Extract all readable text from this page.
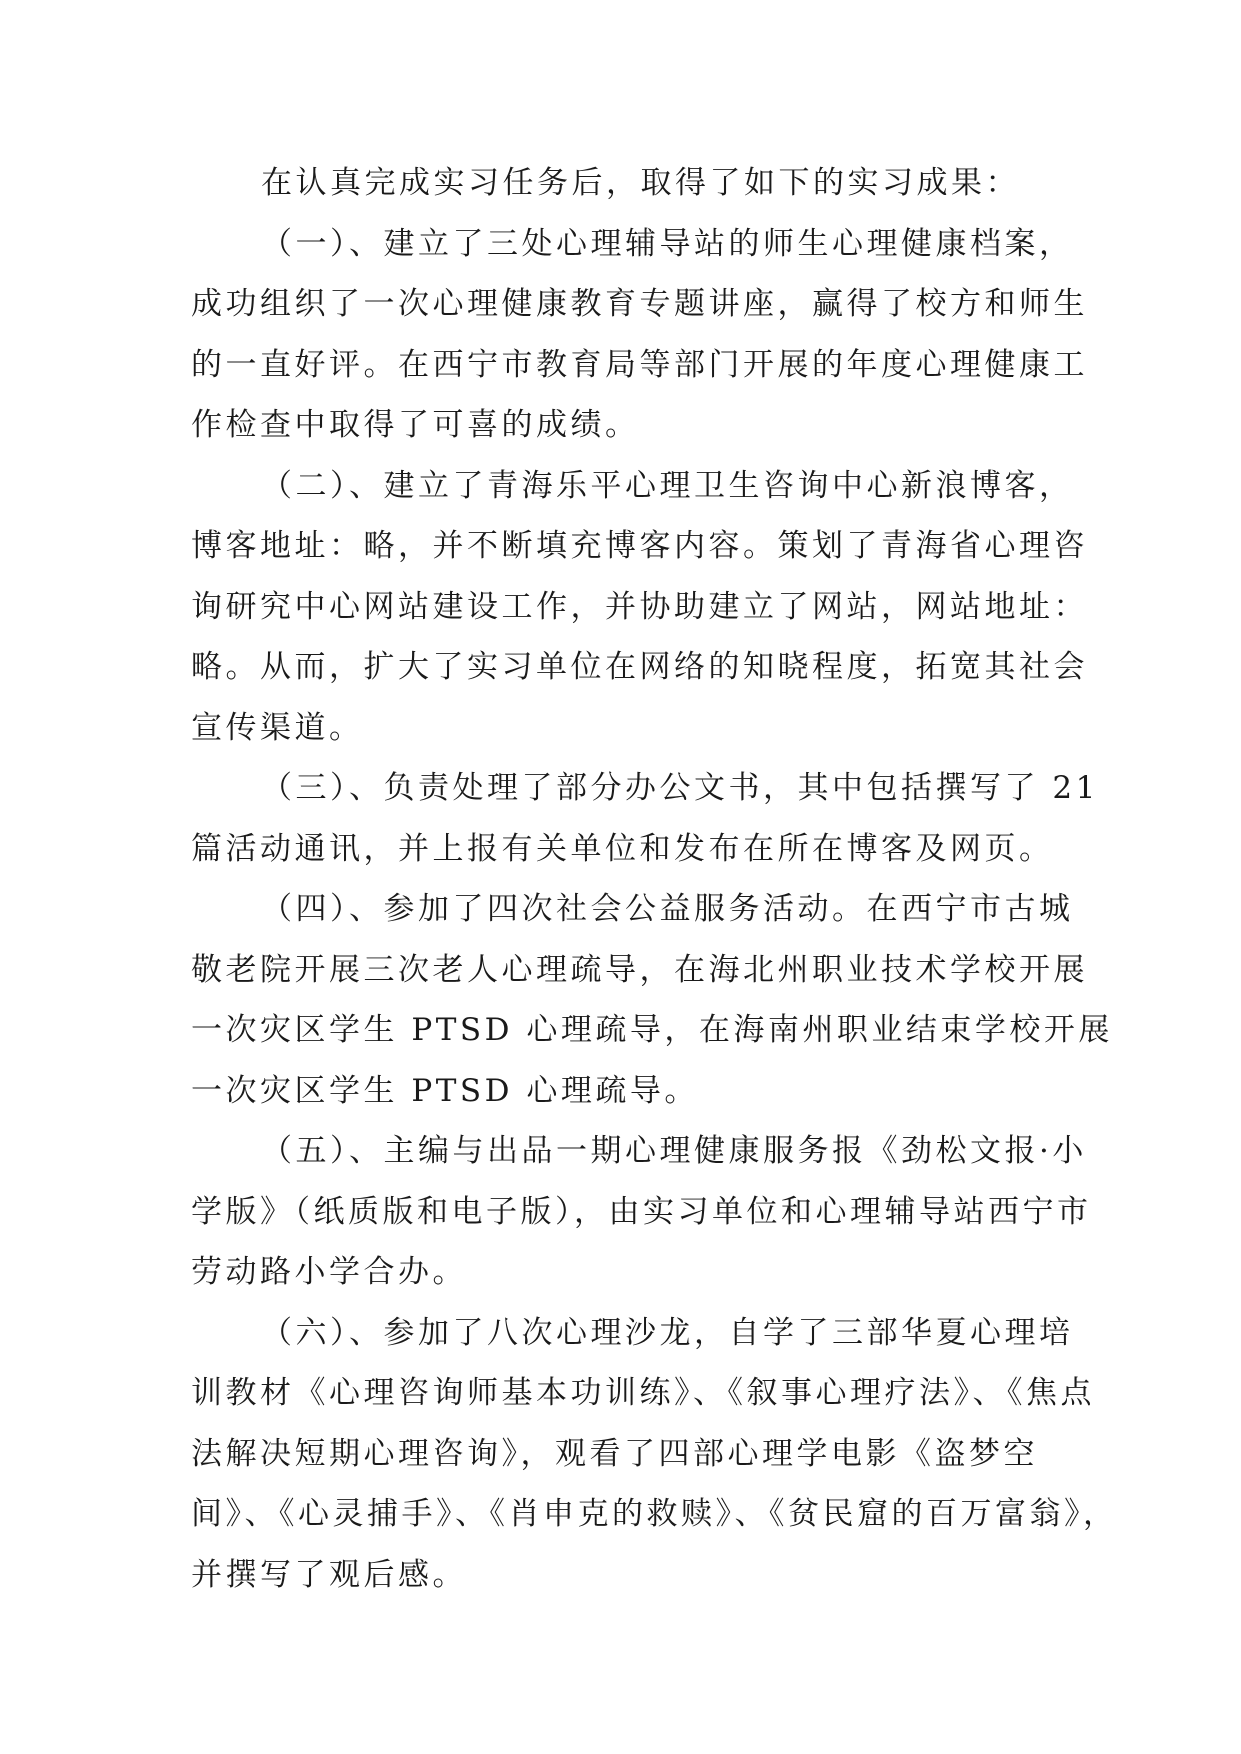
在认真完成实习任务后，取得了如下的实习成果：
（一）、建立了三处心理辅导站的师生心理健康档案，
成功组织了一次心理健康教育专题讲座，赢得了校方和师生
的一直好评。在西宁市教育局等部门开展的年度心理健康工
作检查中取得了可喜的成绩。
（二）、建立了青海乐平心理卫生咨询中心新浪博客，
博客地址：略，并不断填充博客内容。策划了青海省心理咨
询研究中心网站建设工作，并协助建立了网站，网站地址：
略。从而，扩大了实习单位在网络的知晓程度，拓宽其社会
宣传渠道。
（三）、负责处理了部分办公文书，其中包括撰写了 21
篇活动通讯，并上报有关单位和发布在所在博客及网页。
（四）、参加了四次社会公益服务活动。在西宁市古城
敬老院开展三次老人心理疏导，在海北州职业技术学校开展
一次灾区学生 PTSD 心理疏导，在海南州职业结束学校开展
一次灾区学生 PTSD 心理疏导。
（五）、主编与出品一期心理健康服务报《劲松文报·小
学版》（纸质版和电子版），由实习单位和心理辅导站西宁市
劳动路小学合办。
（六）、参加了八次心理沙龙，自学了三部华夏心理培
训教材《心理咨询师基本功训练》、《叙事心理疗法》、《焦点
法解决短期心理咨询》，观看了四部心理学电影《盗梦空
间》、《心灵捕手》、《肖申克的救赎》、《贫民窟的百万富翁》，
并撰写了观后感。
